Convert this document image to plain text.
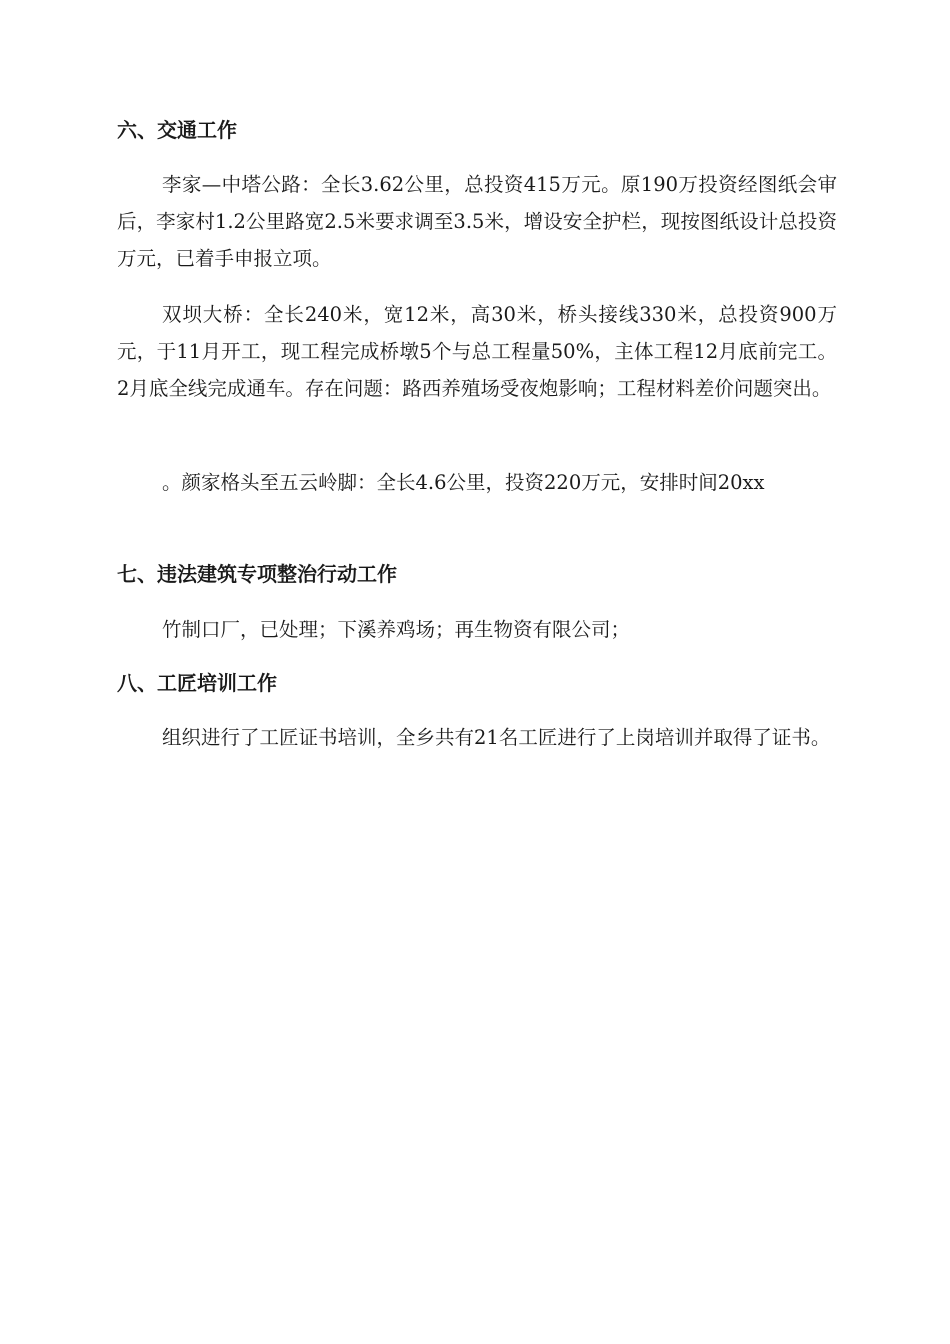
六、交通工作

李家—中塔公路：全长3.62公里，总投资415万元。原190万投资经图纸会审后，李家村1.2公里路宽2.5米要求调至3.5米，增设安全护栏，现按图纸设计总投资万元，已着手申报立项。

双坝大桥：全长240米，宽12米，高30米，桥头接线330米，总投资900万元，于11月开工，现工程完成桥墩5个与总工程量50%，主体工程12月底前完工。2月底全线完成通车。存在问题：路西养殖场受夜炮影响；工程材料差价问题突出。

。颜家格头至五云岭脚：全长4.6公里，投资220万元，安排时间20xx

七、违法建筑专项整治行动工作

竹制口厂，已处理；下溪养鸡场；再生物资有限公司；

八、工匠培训工作

组织进行了工匠证书培训，全乡共有21名工匠进行了上岗培训并取得了证书。
